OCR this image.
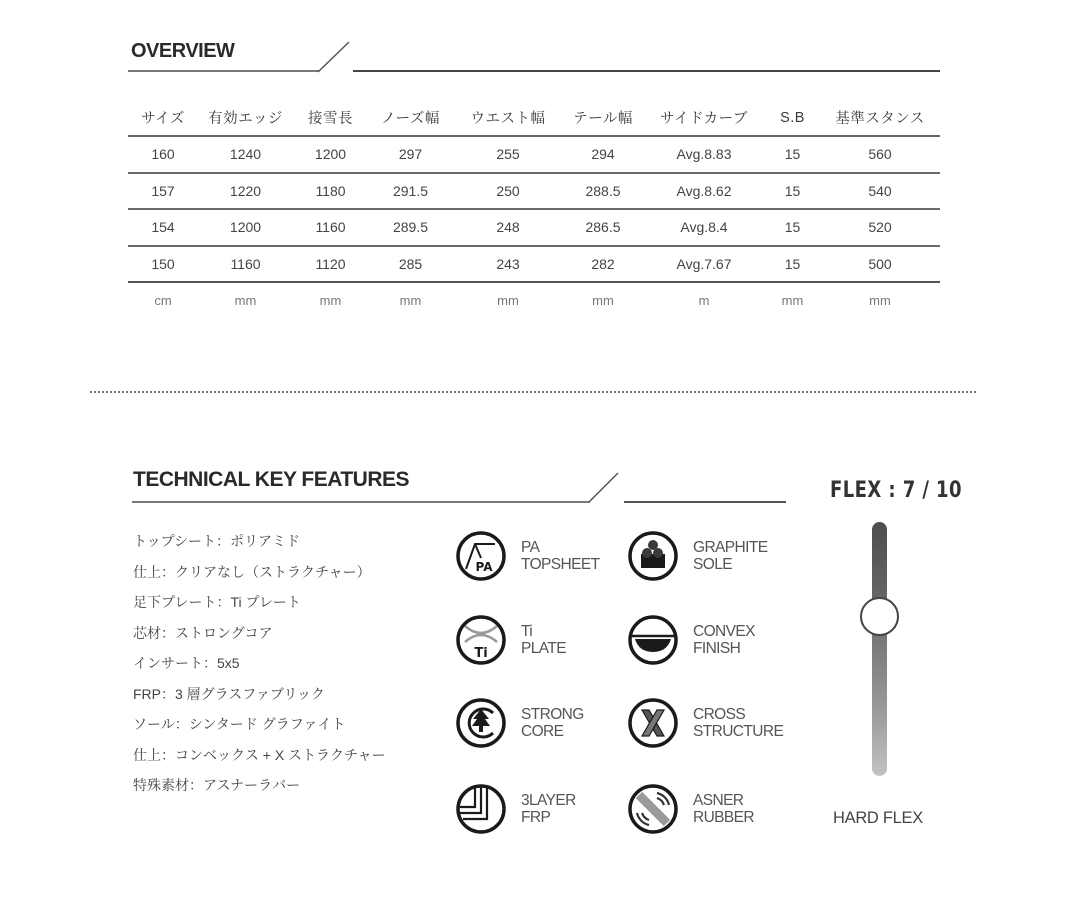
OVERVIEW
サイズ	有効エッジ	接雪長	ノーズ幅	ウエスト幅	テール幅	サイドカーブ	S.B	基準スタンス
160	1240	1200	297	255	294	Avg.8.83	15	560
157	1220	1180	291.5	250	288.5	Avg.8.62	15	540
154	1200	1160	289.5	248	286.5	Avg.8.4	15	520
150	1160	1120	285	243	282	Avg.7.67	15	500
cm	mm	mm	mm	mm	mm	m	mm	mm
TECHNICAL KEY FEATURES
トップシート：ポリアミド
仕上：クリアなし（ストラクチャー）
足下プレート：Ti プレート
芯材：ストロングコア
インサート：5x5
FRP：3 層グラスファブリック
ソール：シンタード グラファイト
仕上：コンベックス + X ストラクチャー
特殊素材：アスナーラバー
PA
PA
TOPSHEET
GRAPHITE
SOLE
Ti
Ti
PLATE
CONVEX
FINISH
STRONG
CORE
CROSS
STRUCTURE
3LAYER
FRP
ASNER
RUBBER
FLEX : 7 / 10
HARD FLEX
